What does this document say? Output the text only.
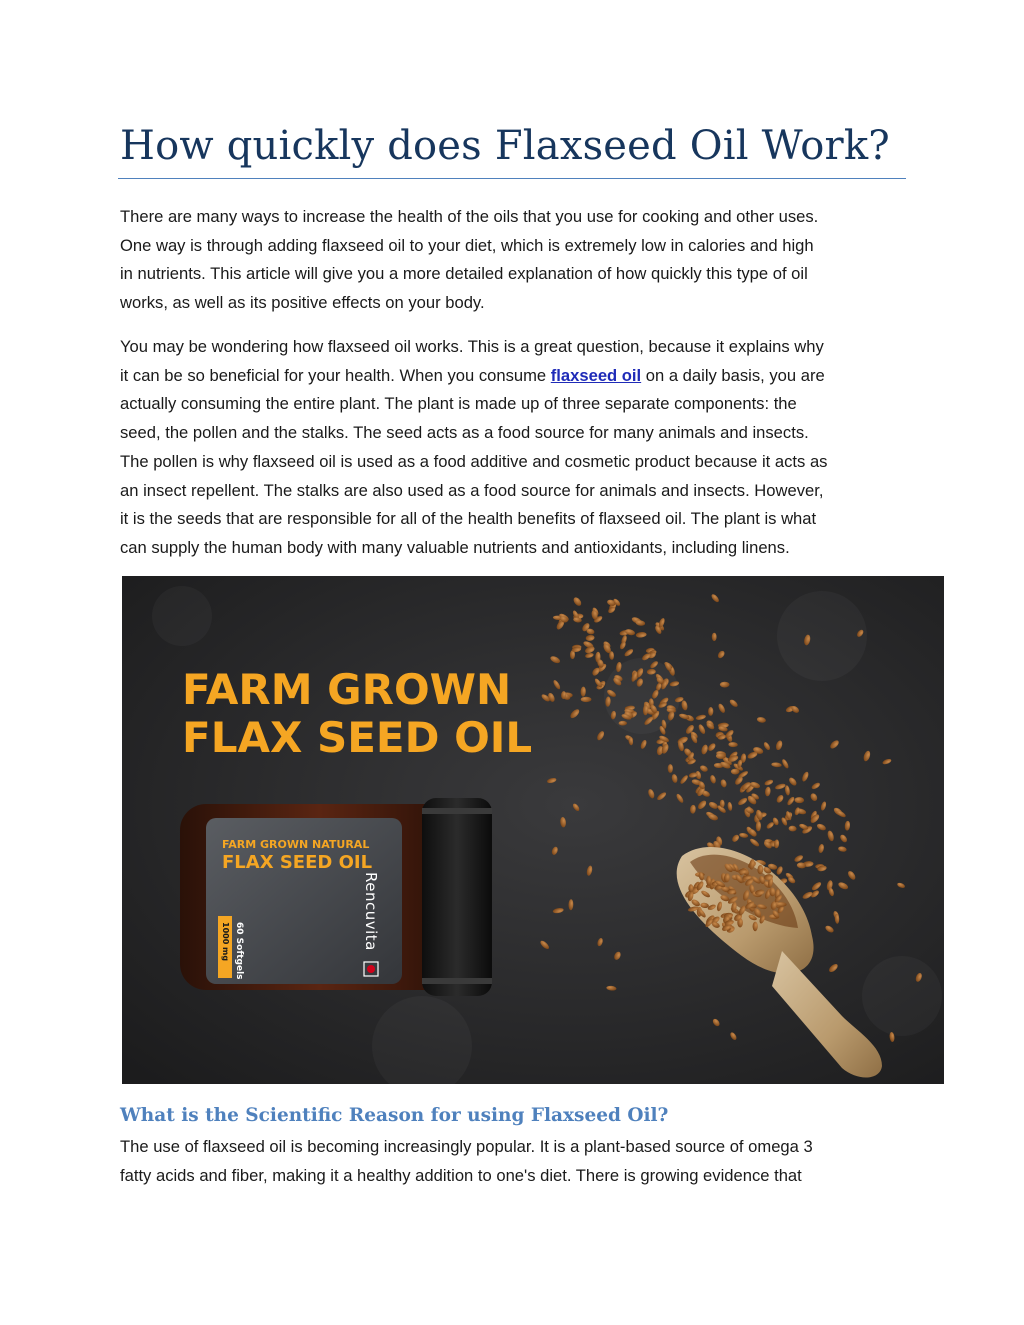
How quickly does Flaxseed Oil Work?

There are many ways to increase the health of the oils that you use for cooking and other uses.
One way is through adding flaxseed oil to your diet, which is extremely low in calories and high
in nutrients. This article will give you a more detailed explanation of how quickly this type of oil
works, as well as its positive effects on your body.

You may be wondering how flaxseed oil works. This is a great question, because it explains why
it can be so beneficial for your health. When you consume flaxseed oil on a daily basis, you are
actually consuming the entire plant. The plant is made up of three separate components: the
seed, the pollen and the stalks. The seed acts as a food source for many animals and insects.
The pollen is why flaxseed oil is used as a food additive and cosmetic product because it acts as
an insect repellent. The stalks are also used as a food source for animals and insects. However,
it is the seeds that are responsible for all of the health benefits of flaxseed oil. The plant is what
can supply the human body with many valuable nutrients and antioxidants, including linens.

FARM GROWN
FLAX SEED OIL
FARM GROWN NATURAL
FLAX SEED OIL
Rencuvita
60 Softgels
1000 mg
What is the Scientific Reason for using Flaxseed Oil?

The use of flaxseed oil is becoming increasingly popular. It is a plant-based source of omega 3
fatty acids and fiber, making it a healthy addition to one's diet. There is growing evidence that
